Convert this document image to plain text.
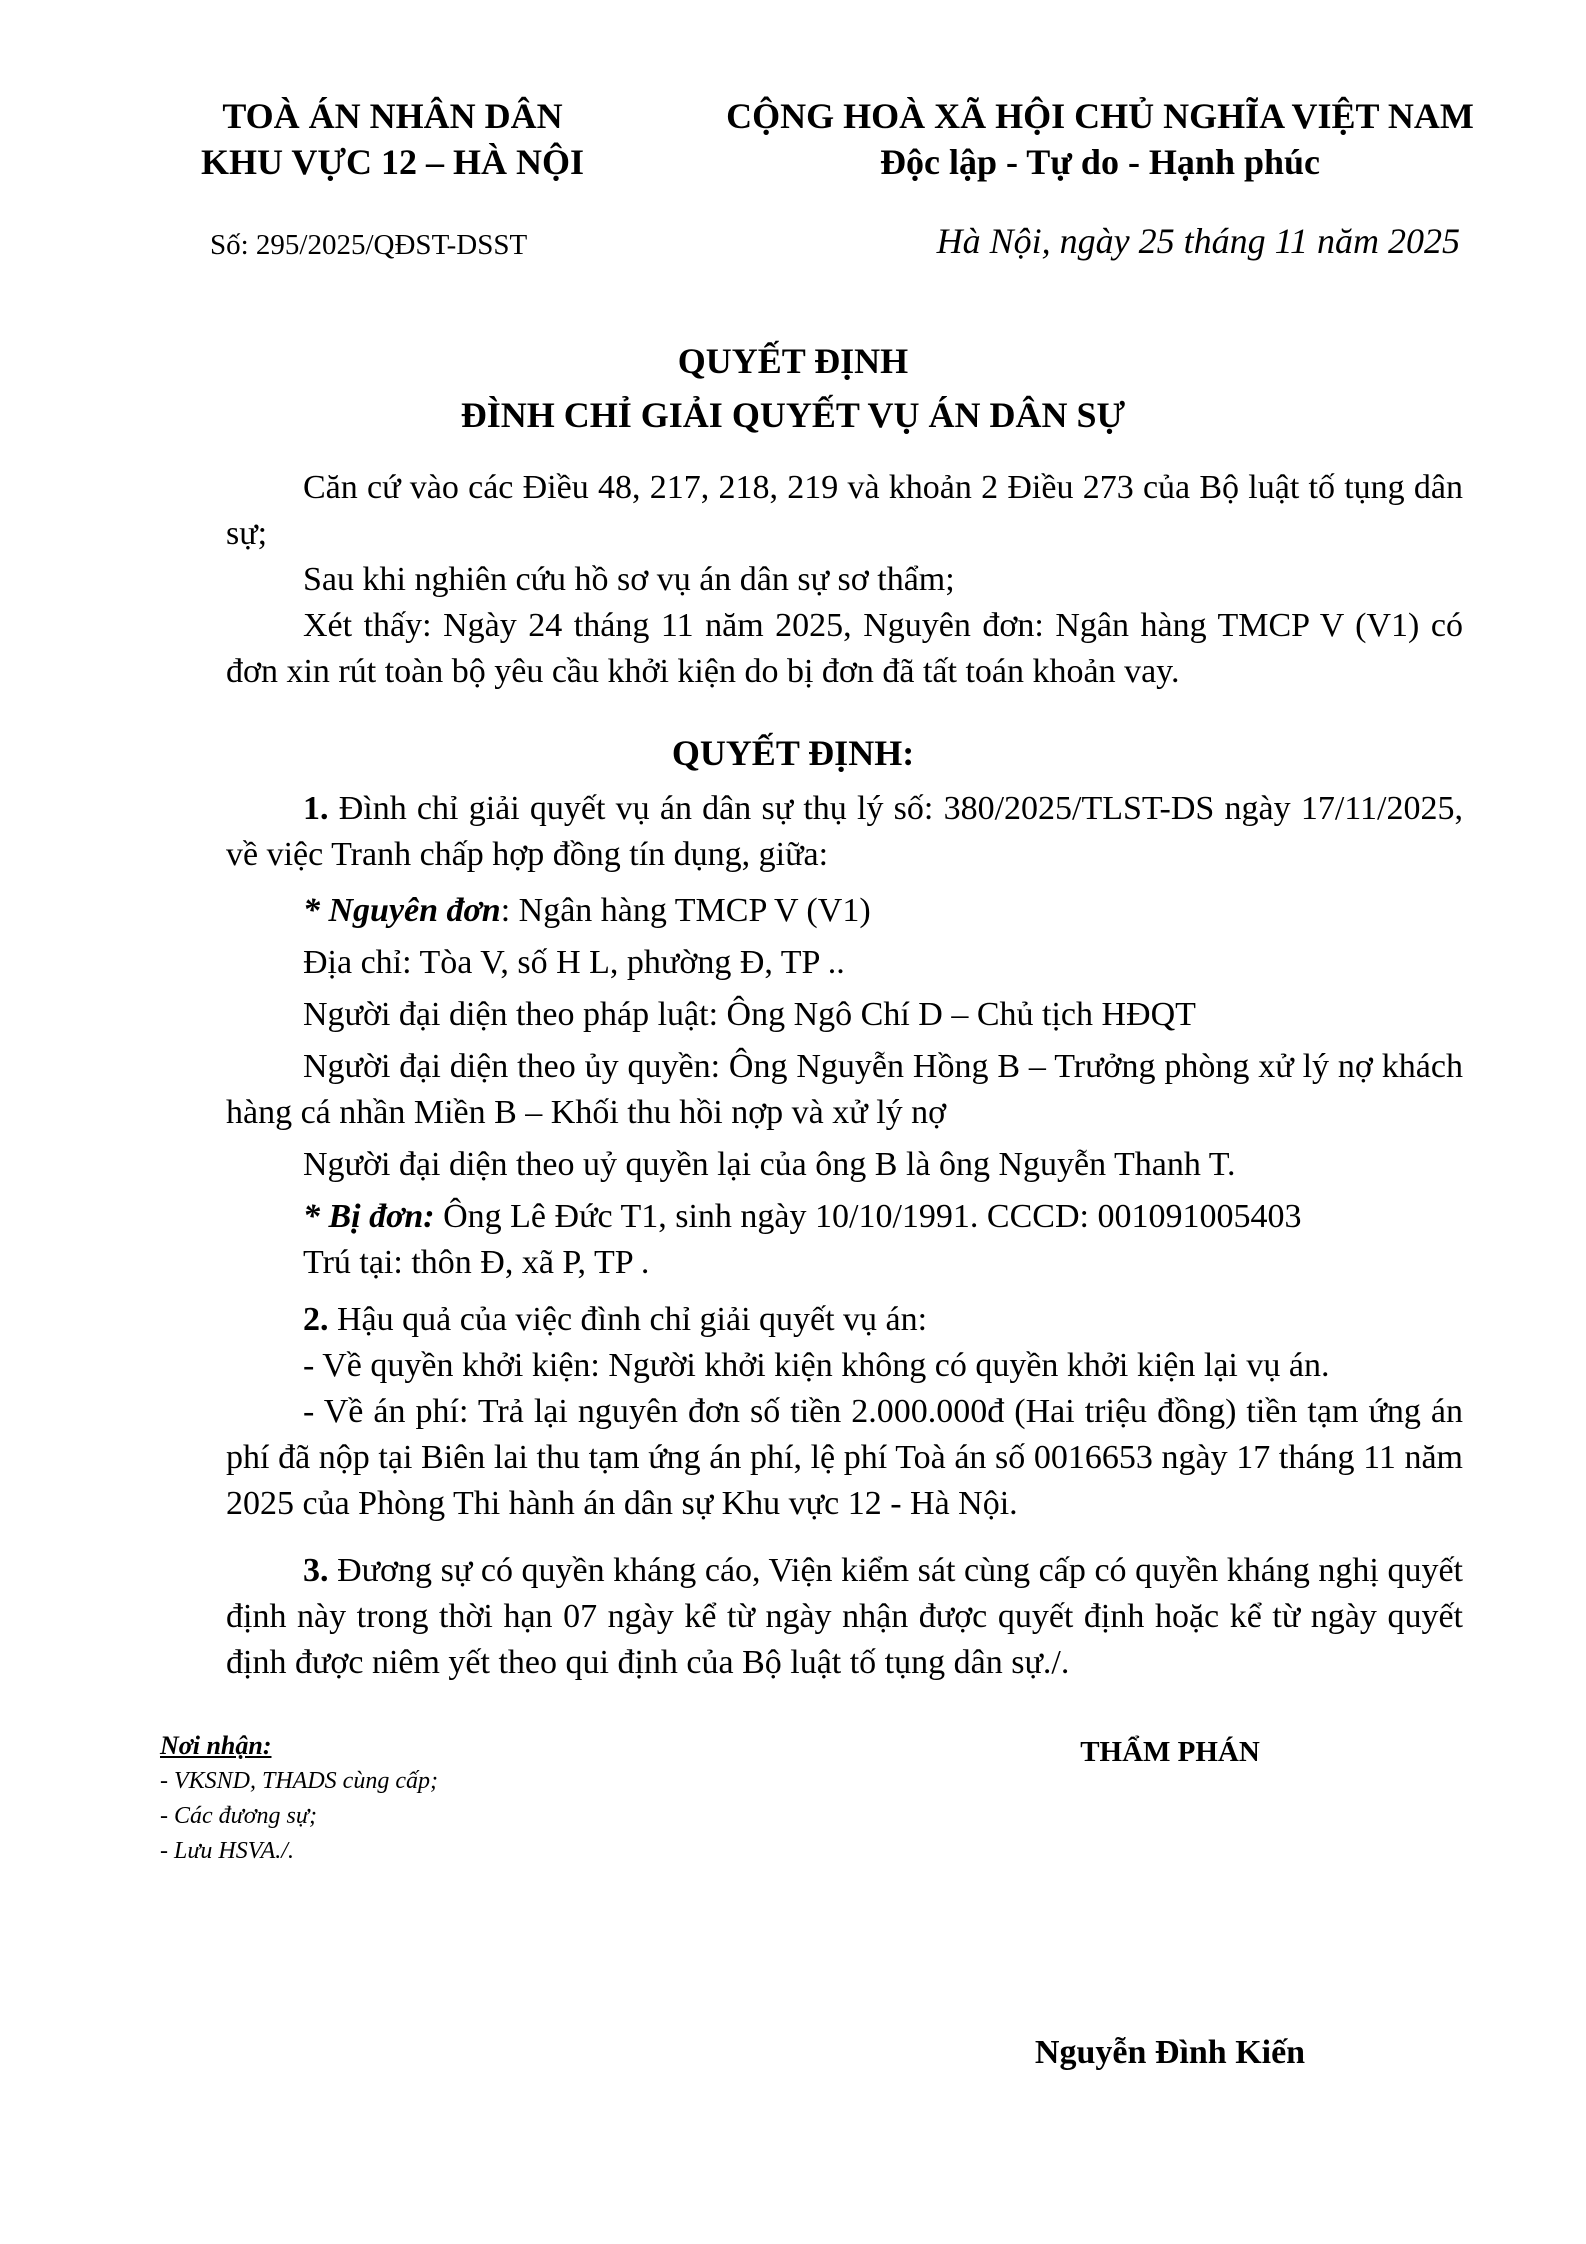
TOÀ ÁN NHÂN DÂN
KHU VỰC 12 – HÀ NỘI
CỘNG HOÀ XÃ HỘI CHỦ NGHĨA VIỆT NAM
Độc lập - Tự do - Hạnh phúc
Số: 295/2025/QĐST-DSST	Hà Nội, ngày 25 tháng 11 năm 2025
QUYẾT ĐỊNH
ĐÌNH CHỈ GIẢI QUYẾT VỤ ÁN DÂN SỰ

Căn cứ vào các Điều 48, 217, 218, 219 và khoản 2 Điều 273 của Bộ luật tố tụng dân sự;

Sau khi nghiên cứu hồ sơ vụ án dân sự sơ thẩm;

Xét thấy: Ngày 24 tháng 11 năm 2025, Nguyên đơn: Ngân hàng TMCP V (V1) có đơn xin rút toàn bộ yêu cầu khởi kiện do bị đơn đã tất toán khoản vay.

QUYẾT ĐỊNH:

1. Đình chỉ giải quyết vụ án dân sự thụ lý số: 380/2025/TLST-DS ngày 17/11/2025, về việc Tranh chấp hợp đồng tín dụng, giữa:

* Nguyên đơn: Ngân hàng TMCP V (V1)

Địa chỉ: Tòa V, số H L, phường Đ, TP ..

Người đại diện theo pháp luật: Ông Ngô Chí D – Chủ tịch HĐQT

Người đại diện theo ủy quyền: Ông Nguyễn Hồng B – Trưởng phòng xử lý nợ khách hàng cá nhần Miền B – Khối thu hồi nợp và xử lý nợ

Người đại diện theo uỷ quyền lại của ông B là ông Nguyễn Thanh T.

* Bị đơn: Ông Lê Đức T1, sinh ngày 10/10/1991. CCCD: 001091005403

Trú tại: thôn Đ, xã P, TP .

2. Hậu quả của việc đình chỉ giải quyết vụ án:

- Về quyền khởi kiện: Người khởi kiện không có quyền khởi kiện lại vụ án.

- Về án phí: Trả lại nguyên đơn số tiền 2.000.000đ (Hai triệu đồng) tiền tạm ứng án phí đã nộp tại Biên lai thu tạm ứng án phí, lệ phí Toà án số 0016653 ngày 17 tháng 11 năm 2025 của Phòng Thi hành án dân sự Khu vực 12 - Hà Nội.

3. Đương sự có quyền kháng cáo, Viện kiểm sát cùng cấp có quyền kháng nghị quyết định này trong thời hạn 07 ngày kể từ ngày nhận được quyết định hoặc kể từ ngày quyết định được niêm yết theo qui định của Bộ luật tố tụng dân sự./.

Nơi nhận:
- VKSND, THADS cùng cấp;
- Các đương sự;
- Lưu HSVA./.
THẨM PHÁN
Nguyễn Đình Kiến
